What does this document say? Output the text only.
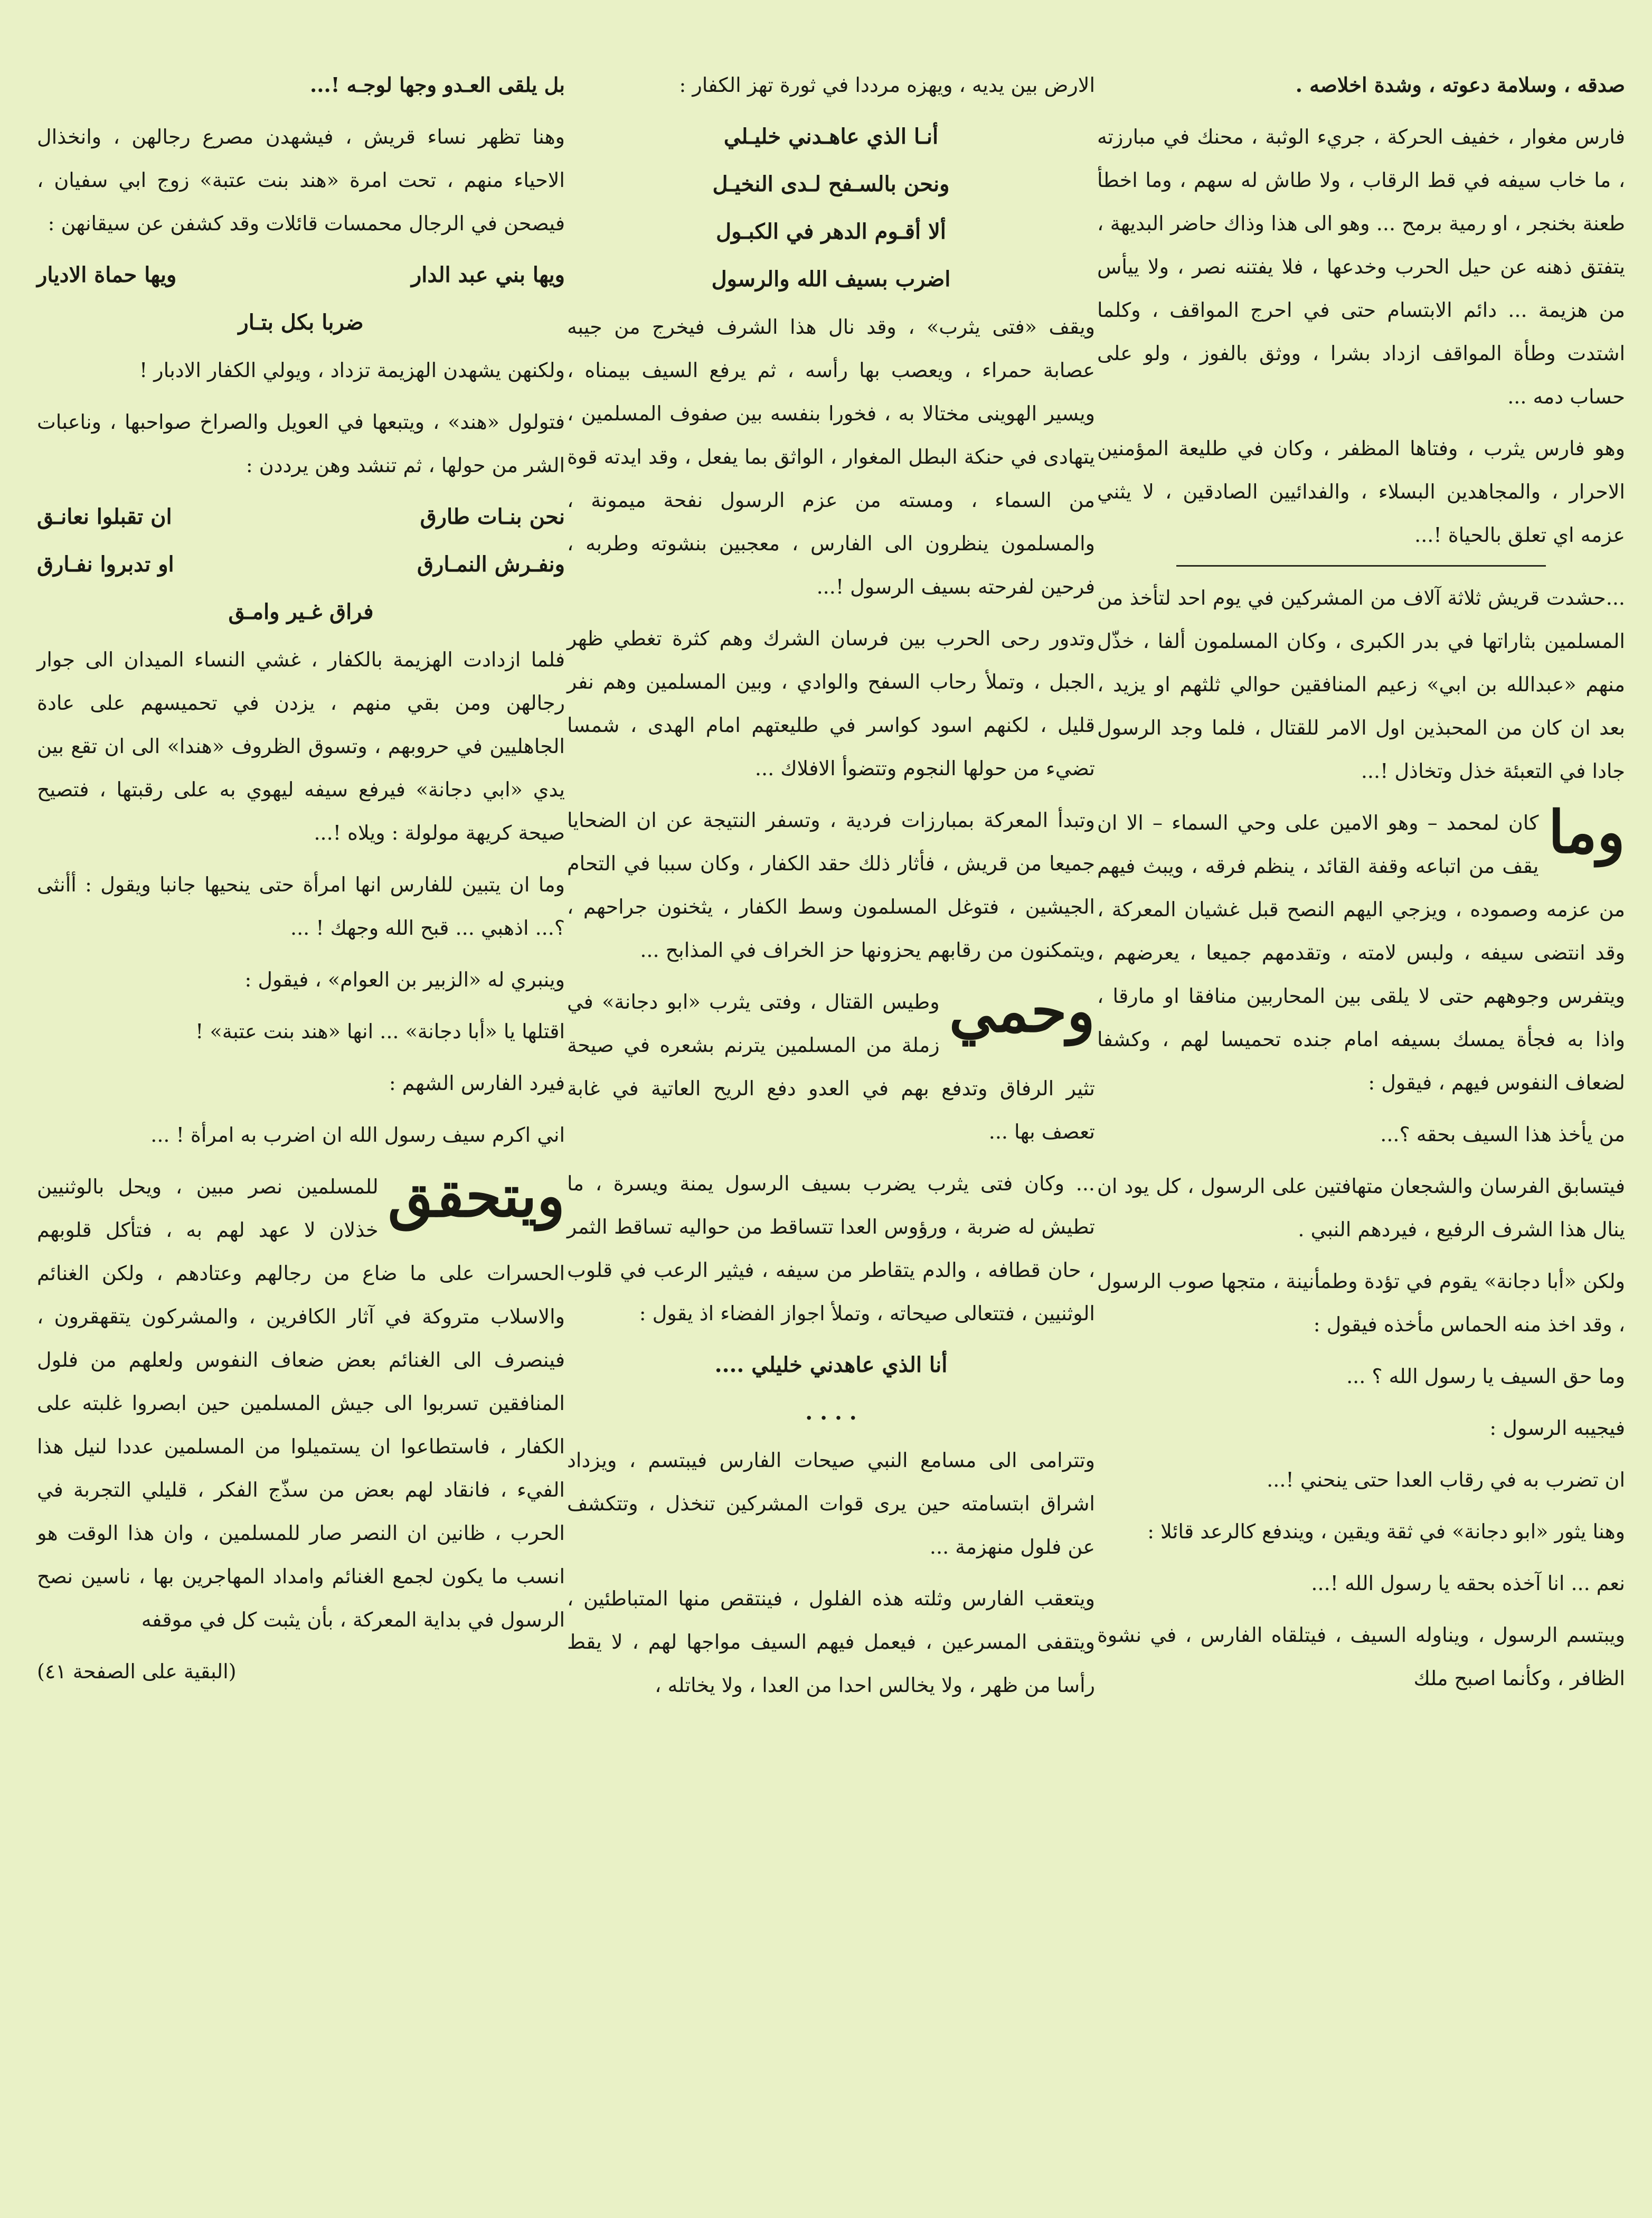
صدقه ، وسلامة دعوته ، وشدة اخلاصه .

فارس مغوار ، خفيف الحركة ، جريء الوثبة ، محنك في مبارزته ، ما خاب سيفه في قط الرقاب ، ولا طاش له سهم ، وما اخطأ طعنة بخنجر ، او رمية برمح ... وهو الى هذا وذاك حاضر البديهة ، يتفتق ذهنه عن حيل الحرب وخدعها ، فلا يفتنه نصر ، ولا ييأس من هزيمة ... دائم الابتسام حتى في احرج المواقف ، وكلما اشتدت وطأة المواقف ازداد بشرا ، ووثق بالفوز ، ولو على حساب دمه ...

وهو فارس يثرب ، وفتاها المظفر ، وكان في طليعة المؤمنين الاحرار ، والمجاهدين البسلاء ، والفدائيين الصادقين ، لا يثني عزمه اي تعلق بالحياة !...

...حشدت قريش ثلاثة آلاف من المشركين في يوم احد لتأخذ من المسلمين بثاراتها في بدر الكبرى ، وكان المسلمون ألفا ، خذّل منهم «عبدالله بن ابي» زعيم المنافقين حوالي ثلثهم او يزيد ، بعد ان كان من المحبذين اول الامر للقتال ، فلما وجد الرسول جادا في التعبئة خذل وتخاذل !...

وما
كان لمحمد – وهو الامين على وحي السماء – الا ان يقف من اتباعه وقفة القائد ، ينظم فرقه ، ويبث فيهم من عزمه وصموده ، ويزجي اليهم النصح قبل غشيان المعركة ، وقد انتضى سيفه ، ولبس لامته ، وتقدمهم جميعا ، يعرضهم ، ويتفرس وجوههم حتى لا يلقى بين المحاربين منافقا او مارقا ، واذا به فجأة يمسك بسيفه امام جنده تحميسا لهم ، وكشفا لضعاف النفوس فيهم ، فيقول :

من يأخذ هذا السيف بحقه ؟...

فيتسابق الفرسان والشجعان متهافتين على الرسول ، كل يود ان ينال هذا الشرف الرفيع ، فيردهم النبي .

ولكن «أبا دجانة» يقوم في تؤدة وطمأنينة ، متجها صوب الرسول ، وقد اخذ منه الحماس مأخذه فيقول :

وما حق السيف يا رسول الله ؟ ...

فيجيبه الرسول :

ان تضرب به في رقاب العدا حتى ينحني !...

وهنا يثور «ابو دجانة» في ثقة ويقين ، ويندفع كالرعد قائلا :

نعم ... انا آخذه بحقه يا رسول الله !...

ويبتسم الرسول ، ويناوله السيف ، فيتلقاه الفارس ، في نشوة الظافر ، وكأنما اصبح ملك

الارض بين يديه ، ويهزه مرددا في ثورة تهز الكفار :

أنـا الذي عاهـدني خليـلي
ونحن بالسـفح لـدى النخيـل
ألا أقـوم الدهر في الكبـول
اضرب بسيف الله والرسول

ويقف «فتى يثرب» ، وقد نال هذا الشرف فيخرج من جيبه عصابة حمراء ، ويعصب بها رأسه ، ثم يرفع السيف بيمناه ، ويسير الهوينى مختالا به ، فخورا بنفسه بين صفوف المسلمين ، يتهادى في حنكة البطل المغوار ، الواثق بما يفعل ، وقد ايدته قوة من السماء ، ومسته من عزم الرسول نفحة ميمونة ، والمسلمون ينظرون الى الفارس ، معجبين بنشوته وطربه ، فرحين لفرحته بسيف الرسول !...

وتدور رحى الحرب بين فرسان الشرك وهم كثرة تغطي ظهر الجبل ، وتملأ رحاب السفح والوادي ، وبين المسلمين وهم نفر قليل ، لكنهم اسود كواسر في طليعتهم امام الهدى ، شمسا تضيء من حولها النجوم وتتضوأ الافلاك ...

وتبدأ المعركة بمبارزات فردية ، وتسفر النتيجة عن ان الضحايا جميعا من قريش ، فأثار ذلك حقد الكفار ، وكان سببا في التحام الجيشين ، فتوغل المسلمون وسط الكفار ، يثخنون جراحهم ، ويتمكنون من رقابهم يحزونها حز الخراف في المذابح ...

وحمي
وطيس القتال ، وفتى يثرب «ابو دجانة» في زملة من المسلمين يترنم بشعره في صيحة تثير الرفاق وتدفع بهم في العدو دفع الريح العاتية في غابة تعصف بها ...

... وكان فتى يثرب يضرب بسيف الرسول يمنة ويسرة ، ما تطيش له ضربة ، ورؤوس العدا تتساقط من حواليه تساقط الثمر ، حان قطافه ، والدم يتقاطر من سيفه ، فيثير الرعب في قلوب الوثنيين ، فتتعالى صيحاته ، وتملأ اجواز الفضاء اذ يقول :

أنا الذي عاهدني خليلي ....
. . . .

وتترامى الى مسامع النبي صيحات الفارس فيبتسم ، ويزداد اشراق ابتسامته حين يرى قوات المشركين تنخذل ، وتتكشف عن فلول منهزمة ...

ويتعقب الفارس وثلته هذه الفلول ، فينتقص منها المتباطئين ، ويتقفى المسرعين ، فيعمل فيهم السيف مواجها لهم ، لا يقط رأسا من ظهر ، ولا يخالس احدا من العدا ، ولا يخاتله ،

بل يلقى العـدو وجها لوجـه !...

وهنا تظهر نساء قريش ، فيشهدن مصرع رجالهن ، وانخذال الاحياء منهم ، تحت امرة «هند بنت عتبة» زوج ابي سفيان ، فيصحن في الرجال محمسات قائلات وقد كشفن عن سيقانهن :

ويها بني عبد الدار
ويها حماة الاديار
ضربا بكل بتـار

ولكنهن يشهدن الهزيمة تزداد ، ويولي الكفار الادبار !

فتولول «هند» ، ويتبعها في العويل والصراخ صواحبها ، وناعبات الشر من حولها ، ثم تنشد وهن يرددن :

نحن بنـات طارق
ان تقبلوا نعانـق
ونفـرش النمـارق
او تدبروا نفـارق
فراق غـير وامـق

فلما ازدادت الهزيمة بالكفار ، غشي النساء الميدان الى جوار رجالهن ومن بقي منهم ، يزدن في تحميسهم على عادة الجاهليين في حروبهم ، وتسوق الظروف «هندا» الى ان تقع بين يدي «ابي دجانة» فيرفع سيفه ليهوي به على رقبتها ، فتصيح صيحة كريهة مولولة : ويلاه !...

وما ان يتبين للفارس انها امرأة حتى ينحيها جانبا ويقول : أأنثى ؟... اذهبي ... قبح الله وجهك ! ...

وينبري له «الزبير بن العوام» ، فيقول :

اقتلها يا «أبا دجانة» ... انها «هند بنت عتبة» !

فيرد الفارس الشهم :

اني اكرم سيف رسول الله ان اضرب به امرأة ! ...

ويتحقق
للمسلمين نصر مبين ، ويحل بالوثنيين خذلان لا عهد لهم به ، فتأكل قلوبهم الحسرات على ما ضاع من رجالهم وعتادهم ، ولكن الغنائم والاسلاب متروكة في آثار الكافرين ، والمشركون يتقهقرون ، فينصرف الى الغنائم بعض ضعاف النفوس ولعلهم من فلول المنافقين تسربوا الى جيش المسلمين حين ابصروا غلبته على الكفار ، فاستطاعوا ان يستميلوا من المسلمين عددا لنيل هذا الفيء ، فانقاد لهم بعض من سذّج الفكر ، قليلي التجربة في الحرب ، ظانين ان النصر صار للمسلمين ، وان هذا الوقت هو انسب ما يكون لجمع الغنائم وامداد المهاجرين بها ، ناسين نصح الرسول في بداية المعركة ، بأن يثبت كل في موقفه

(البقية على الصفحة ٤١)
